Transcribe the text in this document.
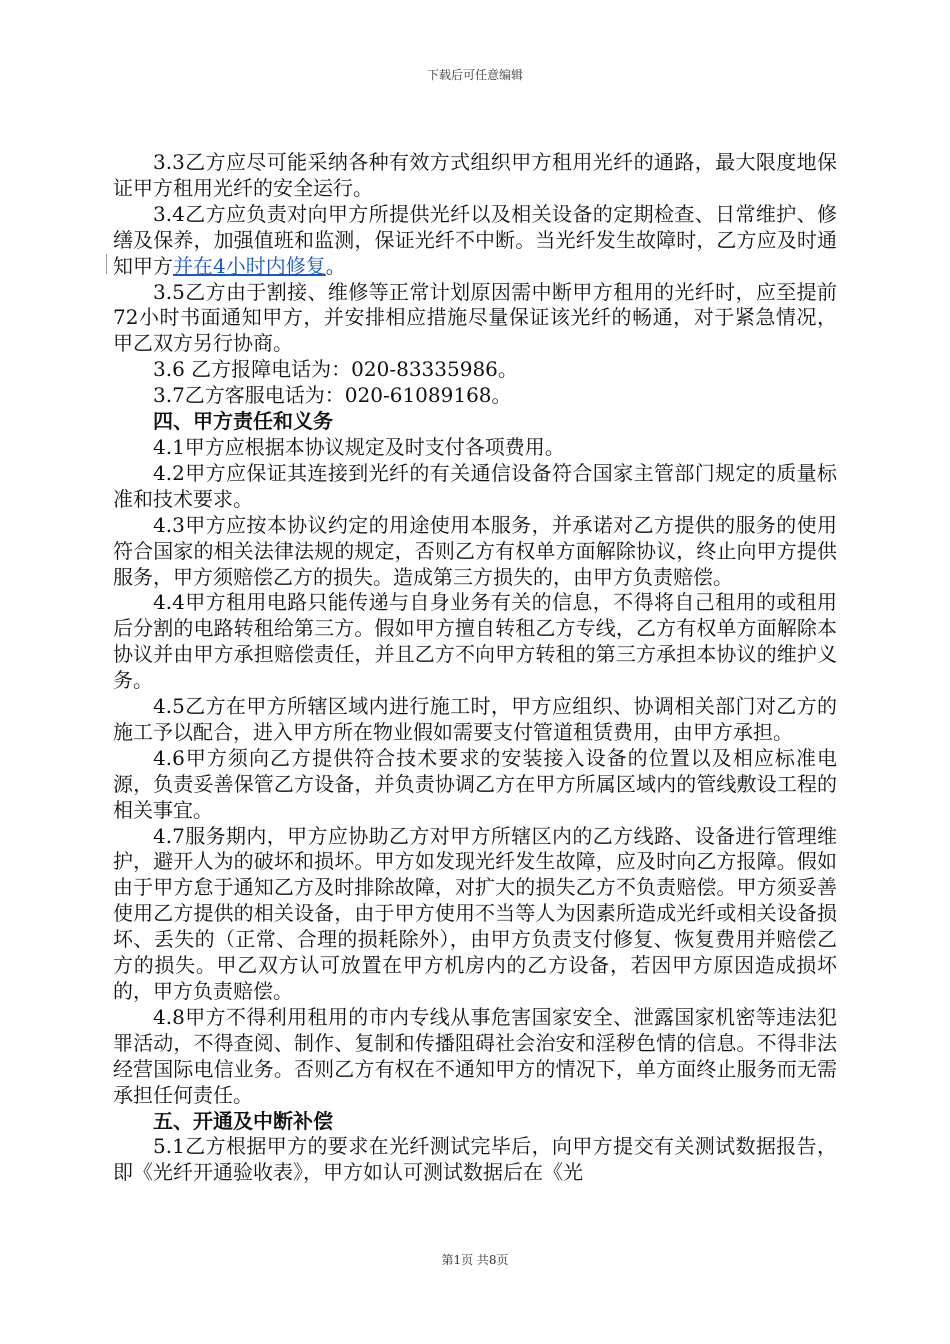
下载后可任意编辑

3.3乙方应尽可能采纳各种有效方式组织甲方租用光纤的通路，最大限度地保证甲方租用光纤的安全运行。

3.4乙方应负责对向甲方所提供光纤以及相关设备的定期检查、日常维护、修缮及保养，加强值班和监测，保证光纤不中断。当光纤发生故障时，乙方应及时通知甲方并在4小时内修复。

3.5乙方由于割接、维修等正常计划原因需中断甲方租用的光纤时，应至提前72小时书面通知甲方，并安排相应措施尽量保证该光纤的畅通，对于紧急情况，甲乙双方另行协商。

3.6 乙方报障电话为：020-83335986。

3.7乙方客服电话为：020-61089168。

四、甲方责任和义务

4.1甲方应根据本协议规定及时支付各项费用。

4.2甲方应保证其连接到光纤的有关通信设备符合国家主管部门规定的质量标准和技术要求。

4.3甲方应按本协议约定的用途使用本服务，并承诺对乙方提供的服务的使用符合国家的相关法律法规的规定，否则乙方有权单方面解除协议，终止向甲方提供服务，甲方须赔偿乙方的损失。造成第三方损失的，由甲方负责赔偿。

4.4甲方租用电路只能传递与自身业务有关的信息，不得将自己租用的或租用后分割的电路转租给第三方。假如甲方擅自转租乙方专线，乙方有权单方面解除本协议并由甲方承担赔偿责任，并且乙方不向甲方转租的第三方承担本协议的维护义务。

4.5乙方在甲方所辖区域内进行施工时，甲方应组织、协调相关部门对乙方的施工予以配合，进入甲方所在物业假如需要支付管道租赁费用，由甲方承担。

4.6甲方须向乙方提供符合技术要求的安装接入设备的位置以及相应标准电源，负责妥善保管乙方设备，并负责协调乙方在甲方所属区域内的管线敷设工程的相关事宜。

4.7服务期内，甲方应协助乙方对甲方所辖区内的乙方线路、设备进行管理维护，避开人为的破坏和损坏。甲方如发现光纤发生故障，应及时向乙方报障。假如由于甲方怠于通知乙方及时排除故障，对扩大的损失乙方不负责赔偿。甲方须妥善使用乙方提供的相关设备，由于甲方使用不当等人为因素所造成光纤或相关设备损坏、丢失的（正常、合理的损耗除外），由甲方负责支付修复、恢复费用并赔偿乙方的损失。甲乙双方认可放置在甲方机房内的乙方设备，若因甲方原因造成损坏的，甲方负责赔偿。

4.8甲方不得利用租用的市内专线从事危害国家安全、泄露国家机密等违法犯罪活动，不得查阅、制作、复制和传播阻碍社会治安和淫秽色情的信息。不得非法经营国际电信业务。否则乙方有权在不通知甲方的情况下，单方面终止服务而无需承担任何责任。

五、开通及中断补偿

5.1乙方根据甲方的要求在光纤测试完毕后，向甲方提交有关测试数据报告，即《光纤开通验收表》，甲方如认可测试数据后在《光

第1页 共8页
